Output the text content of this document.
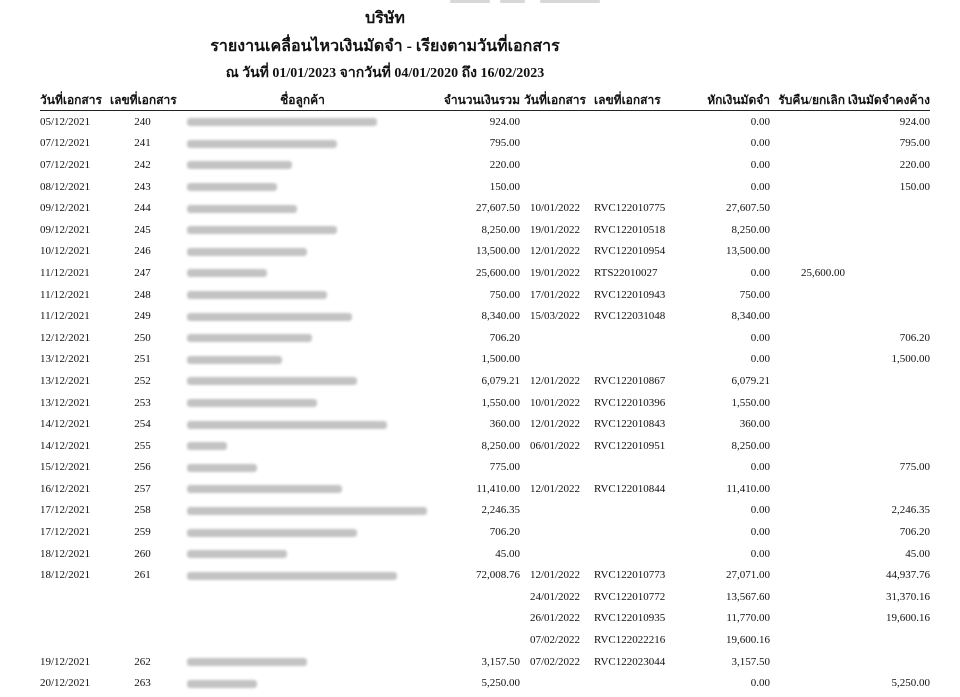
บริษัท
รายงานเคลื่อนไหวเงินมัดจำ - เรียงตามวันที่เอกสาร
ณ วันที่ 01/01/2023 จากวันที่ 04/01/2020 ถึง 16/02/2023
วันที่เอกสาร	เลขที่เอกสาร	ชื่อลูกค้า	จำนวนเงินรวม	วันที่เอกสาร	เลขที่เอกสาร	หักเงินมัดจำ	รับคืน/ยกเลิก	เงินมัดจำคงค้าง
05/12/2021	240		924.00			0.00		924.00
07/12/2021	241		795.00			0.00		795.00
07/12/2021	242		220.00			0.00		220.00
08/12/2021	243		150.00			0.00		150.00
09/12/2021	244		27,607.50	10/01/2022	RVC122010775	27,607.50		
09/12/2021	245		8,250.00	19/01/2022	RVC122010518	8,250.00		
10/12/2021	246		13,500.00	12/01/2022	RVC122010954	13,500.00		
11/12/2021	247		25,600.00	19/01/2022	RTS22010027	0.00	25,600.00	
11/12/2021	248		750.00	17/01/2022	RVC122010943	750.00		
11/12/2021	249		8,340.00	15/03/2022	RVC122031048	8,340.00		
12/12/2021	250		706.20			0.00		706.20
13/12/2021	251		1,500.00			0.00		1,500.00
13/12/2021	252		6,079.21	12/01/2022	RVC122010867	6,079.21		
13/12/2021	253		1,550.00	10/01/2022	RVC122010396	1,550.00		
14/12/2021	254		360.00	12/01/2022	RVC122010843	360.00		
14/12/2021	255		8,250.00	06/01/2022	RVC122010951	8,250.00		
15/12/2021	256		775.00			0.00		775.00
16/12/2021	257		11,410.00	12/01/2022	RVC122010844	11,410.00		
17/12/2021	258		2,246.35			0.00		2,246.35
17/12/2021	259		706.20			0.00		706.20
18/12/2021	260		45.00			0.00		45.00
18/12/2021	261		72,008.76	12/01/2022	RVC122010773	27,071.00		44,937.76
				24/01/2022	RVC122010772	13,567.60		31,370.16
				26/01/2022	RVC122010935	11,770.00		19,600.16
				07/02/2022	RVC122022216	19,600.16		
19/12/2021	262		3,157.50	07/02/2022	RVC122023044	3,157.50		
20/12/2021	263		5,250.00			0.00		5,250.00
